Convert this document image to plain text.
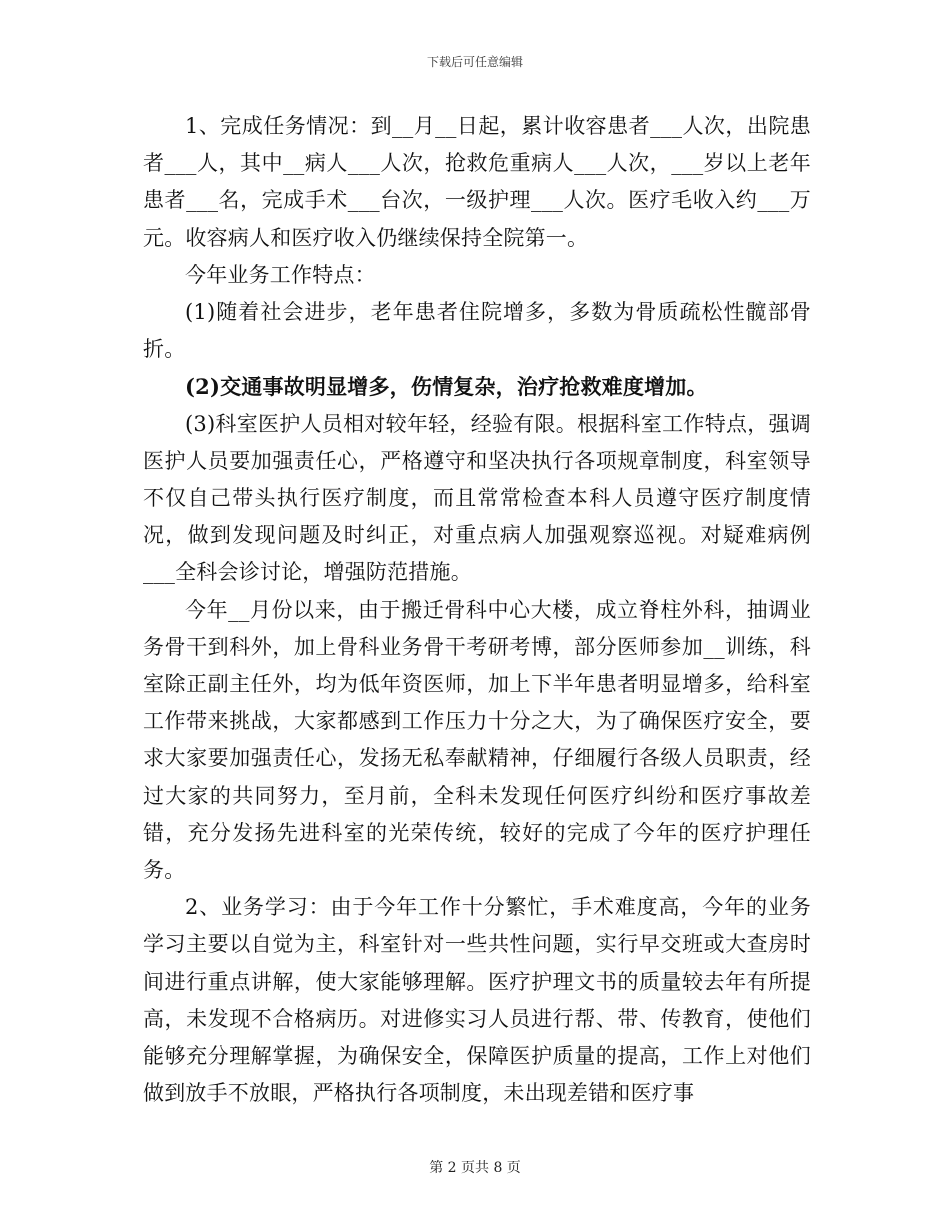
下载后可任意编辑

1、完成任务情况：到__月__日起，累计收容患者___人次，出院患者___人，其中__病人___人次，抢救危重病人___人次，___岁以上老年患者___名，完成手术___台次，一级护理___人次。医疗毛收入约___万元。收容病人和医疗收入仍继续保持全院第一。

今年业务工作特点：

(1)随着社会进步，老年患者住院增多，多数为骨质疏松性髋部骨折。

(2)交通事故明显增多，伤情复杂，治疗抢救难度增加。

(3)科室医护人员相对较年轻，经验有限。根据科室工作特点，强调医护人员要加强责任心，严格遵守和坚决执行各项规章制度，科室领导不仅自己带头执行医疗制度，而且常常检查本科人员遵守医疗制度情况，做到发现问题及时纠正，对重点病人加强观察巡视。对疑难病例___全科会诊讨论，增强防范措施。

今年__月份以来，由于搬迁骨科中心大楼，成立脊柱外科，抽调业务骨干到科外，加上骨科业务骨干考研考博，部分医师参加__训练，科室除正副主任外，均为低年资医师，加上下半年患者明显增多，给科室工作带来挑战，大家都感到工作压力十分之大，为了确保医疗安全，要求大家要加强责任心，发扬无私奉献精神，仔细履行各级人员职责，经过大家的共同努力，至月前，全科未发现任何医疗纠纷和医疗事故差错，充分发扬先进科室的光荣传统，较好的完成了今年的医疗护理任务。

2、业务学习：由于今年工作十分繁忙，手术难度高，今年的业务学习主要以自觉为主，科室针对一些共性问题，实行早交班或大查房时间进行重点讲解，使大家能够理解。医疗护理文书的质量较去年有所提高，未发现不合格病历。对进修实习人员进行帮、带、传教育，使他们能够充分理解掌握，为确保安全，保障医护质量的提高，工作上对他们做到放手不放眼，严格执行各项制度，未出现差错和医疗事

第 2 页共 8 页
